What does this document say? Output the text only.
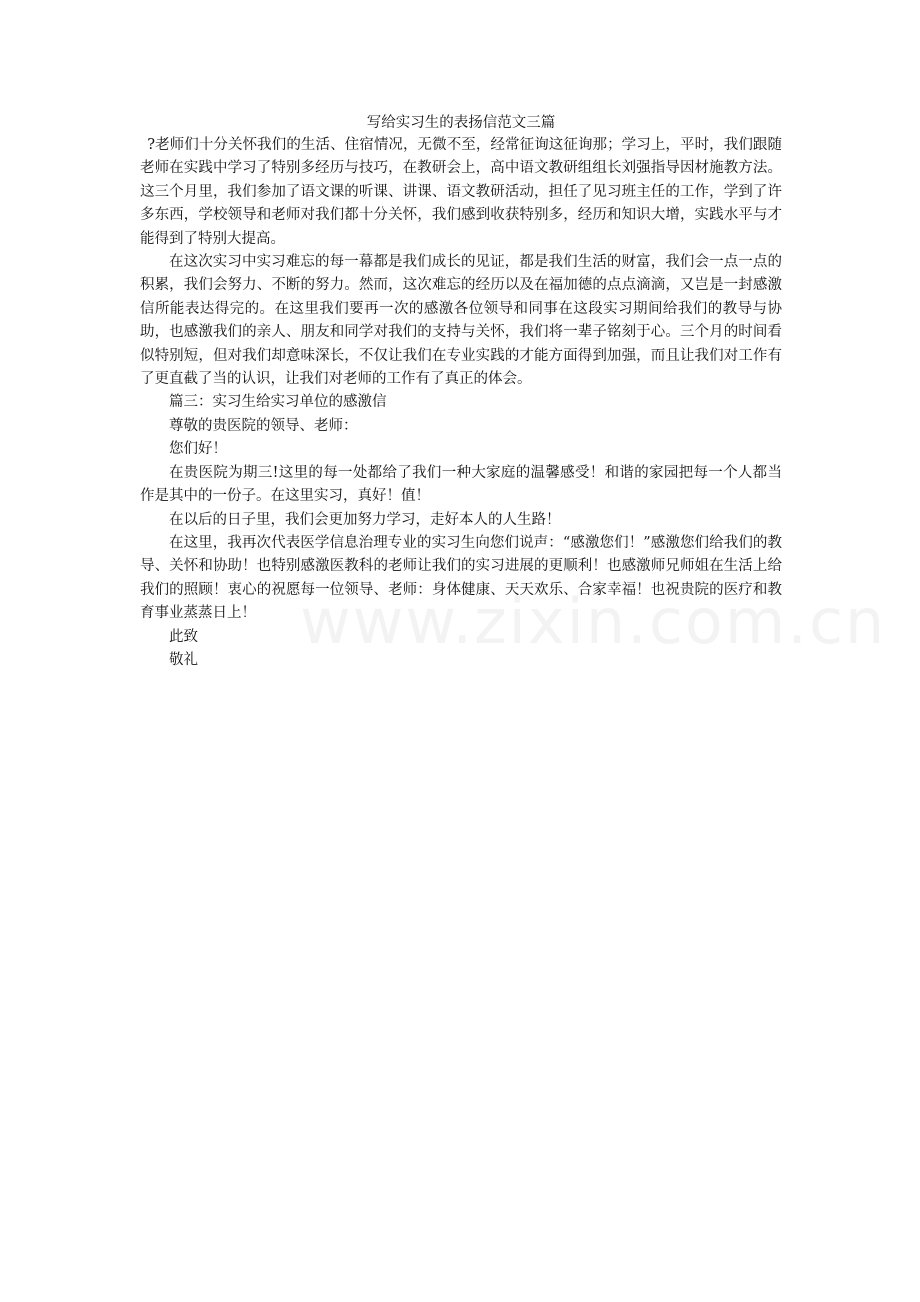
写给实习生的表扬信范文三篇

?老师们十分关怀我们的生活、住宿情况，无微不至，经常征询这征询那；学习上，平时，我们跟随老师在实践中学习了特别多经历与技巧，在教研会上，高中语文教研组组长刘强指导因材施教方法。这三个月里，我们参加了语文课的听课、讲课、语文教研活动，担任了见习班主任的工作，学到了许多东西，学校领导和老师对我们都十分关怀，我们感到收获特别多，经历和知识大增，实践水平与才能得到了特别大提高。

在这次实习中实习难忘的每一幕都是我们成长的见证，都是我们生活的财富，我们会一点一点的积累，我们会努力、不断的努力。然而，这次难忘的经历以及在福加德的点点滴滴，又岂是一封感激信所能表达得完的。在这里我们要再一次的感激各位领导和同事在这段实习期间给我们的教导与协助，也感激我们的亲人、朋友和同学对我们的支持与关怀，我们将一辈子铭刻于心。三个月的时间看似特别短，但对我们却意味深长，不仅让我们在专业实践的才能方面得到加强，而且让我们对工作有了更直截了当的认识，让我们对老师的工作有了真正的体会。

篇三：实习生给实习单位的感激信

尊敬的贵医院的领导、老师：

您们好！

在贵医院为期三!这里的每一处都给了我们一种大家庭的温馨感受！和谐的家园把每一个人都当作是其中的一份子。在这里实习，真好！值！

在以后的日子里，我们会更加努力学习，走好本人的人生路！

在这里，我再次代表医学信息治理专业的实习生向您们说声：“感激您们！”感激您们给我们的教导、关怀和协助！也特别感激医教科的老师让我们的实习进展的更顺利！也感激师兄师姐在生活上给我们的照顾！衷心的祝愿每一位领导、老师：身体健康、天天欢乐、合家幸福！也祝贵院的医疗和教育事业蒸蒸日上！

此致

敬礼
